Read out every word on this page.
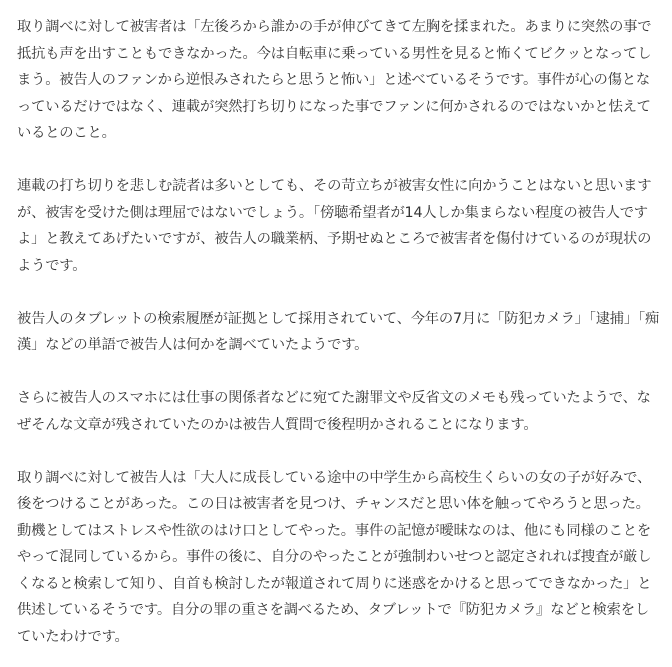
取り調べに対して被害者は「左後ろから誰かの手が伸びてきて左胸を揉まれた。あまりに突然の事で抵抗も声を出すこともできなかった。今は自転車に乗っている男性を見ると怖くてビクッとなってしまう。被告人のファンから逆恨みされたらと思うと怖い」と述べているそうです。事件が心の傷となっているだけではなく、連載が突然打ち切りになった事でファンに何かされるのではないかと怯えているとのこと。

連載の打ち切りを悲しむ読者は多いとしても、その苛立ちが被害女性に向かうことはないと思いますが、被害を受けた側は理屈ではないでしょう。「傍聴希望者が14人しか集まらない程度の被告人ですよ」と教えてあげたいですが、被告人の職業柄、予期せぬところで被害者を傷付けているのが現状のようです。

被告人のタブレットの検索履歴が証拠として採用されていて、今年の7月に「防犯カメラ」「逮捕」「痴漢」などの単語で被告人は何かを調べていたようです。

さらに被告人のスマホには仕事の関係者などに宛てた謝罪文や反省文のメモも残っていたようで、なぜそんな文章が残されていたのかは被告人質問で後程明かされることになります。

取り調べに対して被告人は「大人に成長している途中の中学生から高校生くらいの女の子が好みで、後をつけることがあった。この日は被害者を見つけ、チャンスだと思い体を触ってやろうと思った。動機としてはストレスや性欲のはけ口としてやった。事件の記憶が曖昧なのは、他にも同様のことをやって混同しているから。事件の後に、自分のやったことが強制わいせつと認定されれば捜査が厳しくなると検索して知り、自首も検討したが報道されて周りに迷惑をかけると思ってできなかった」と供述しているそうです。自分の罪の重さを調べるため、タブレットで『防犯カメラ』などと検索をしていたわけです。
